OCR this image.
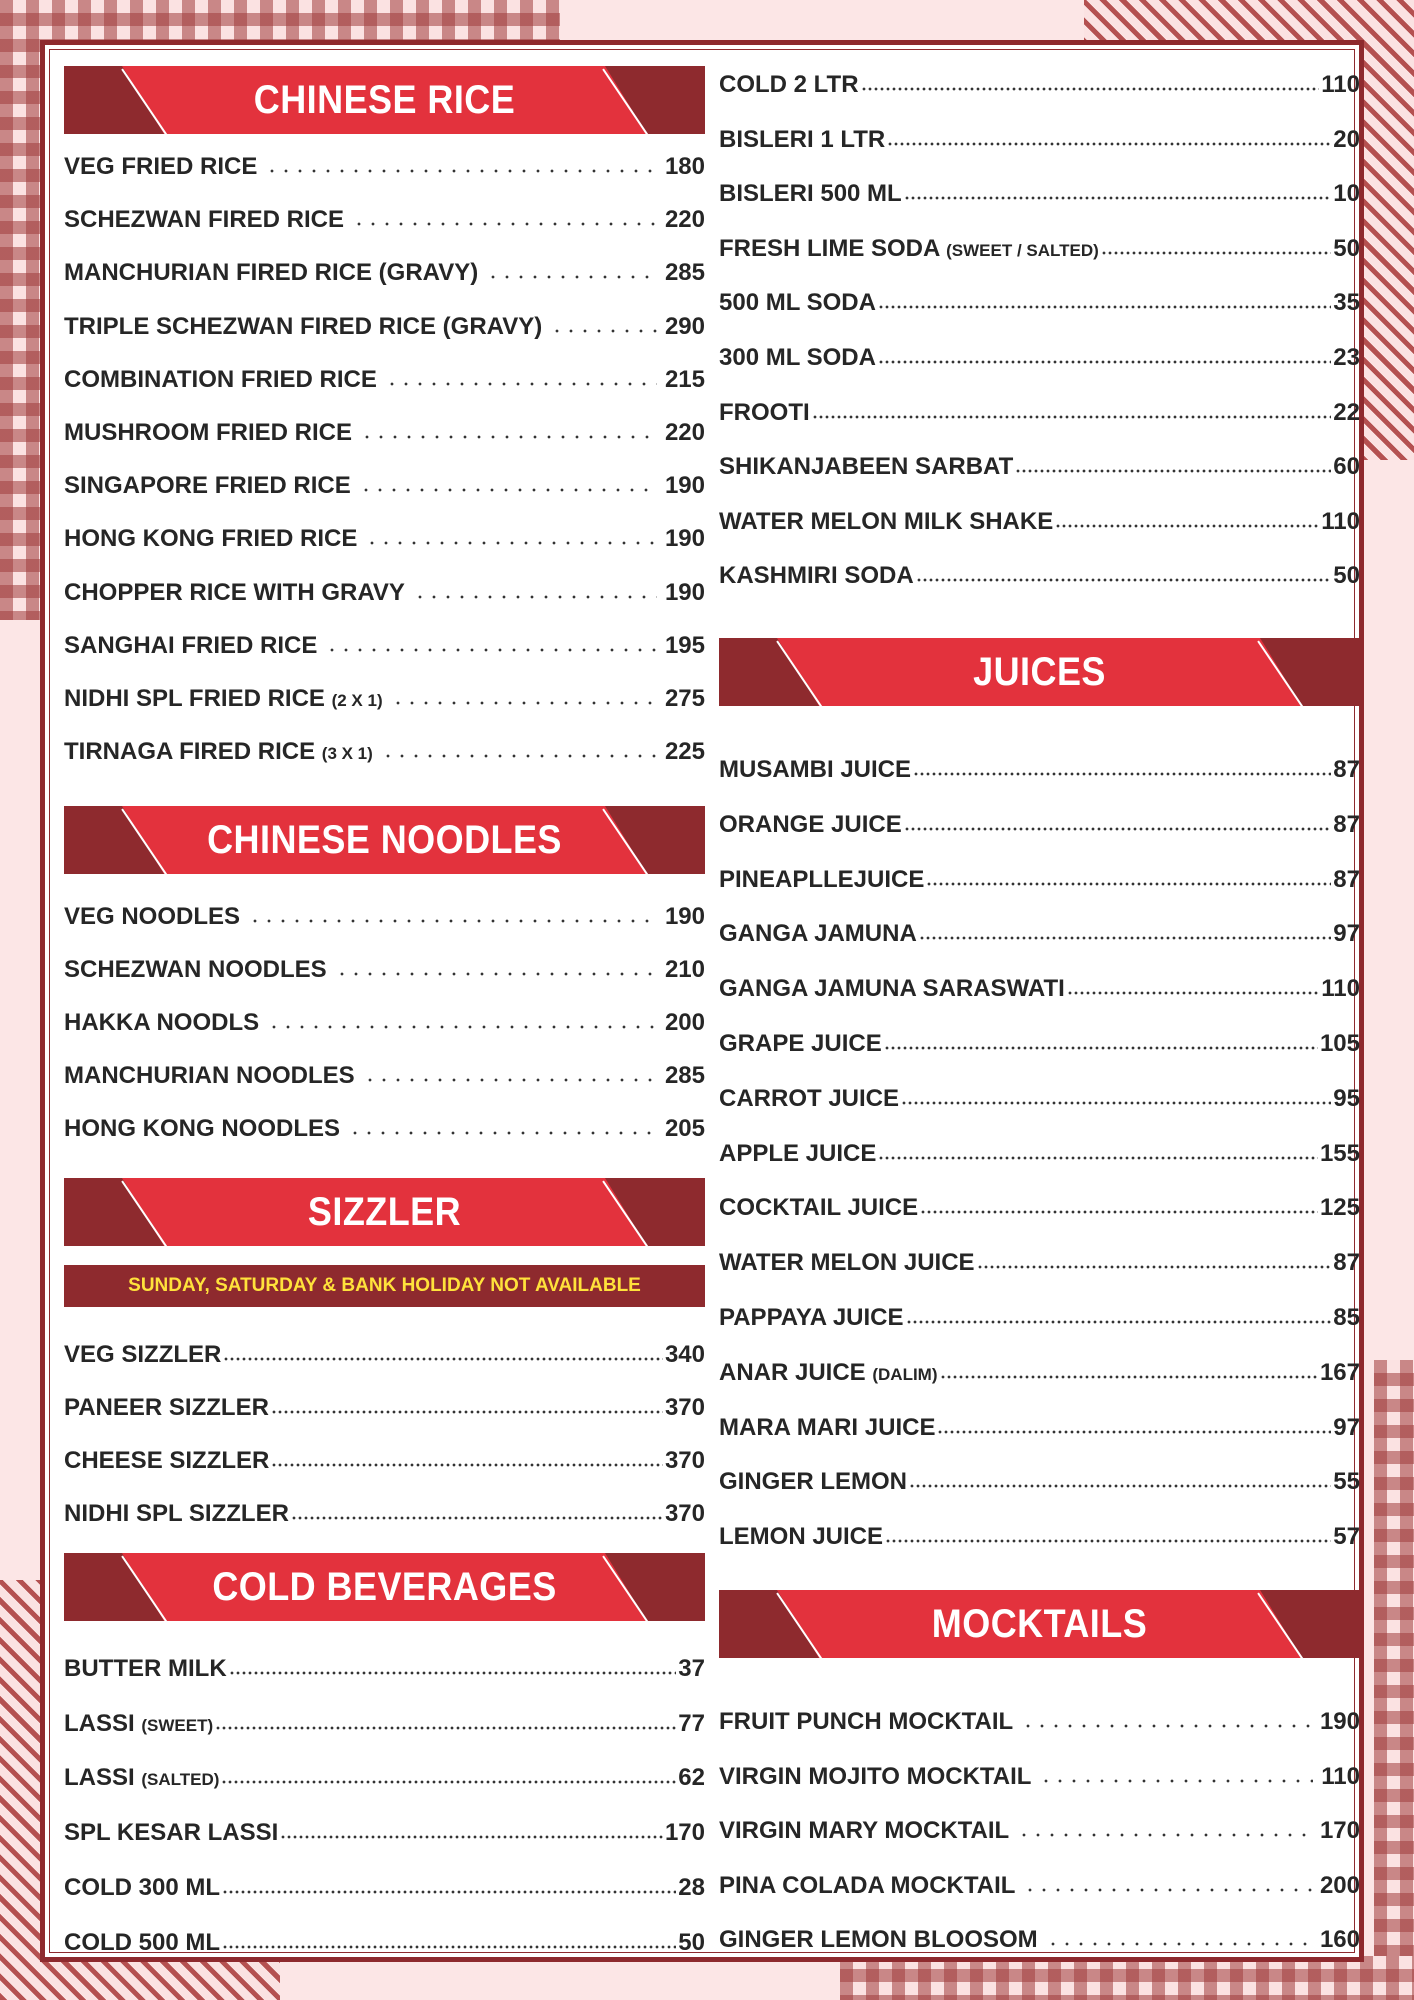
CHINESE RICE
VEG FRIED RICE	180
SCHEZWAN FIRED RICE	220
MANCHURIAN FIRED RICE (GRAVY)	285
TRIPLE SCHEZWAN FIRED RICE (GRAVY)	290
COMBINATION FRIED RICE	215
MUSHROOM FRIED RICE	220
SINGAPORE FRIED RICE	190
HONG KONG FRIED RICE	190
CHOPPER RICE WITH GRAVY	190
SANGHAI FRIED RICE	195
NIDHI SPL FRIED RICE (2 X 1)	275
TIRNAGA FIRED RICE (3 X 1)	225
CHINESE NOODLES
VEG NOODLES	190
SCHEZWAN NOODLES	210
HAKKA NOODLS	200
MANCHURIAN NOODLES	285
HONG KONG NOODLES	205
SIZZLER
SUNDAY, SATURDAY & BANK HOLIDAY NOT AVAILABLE
VEG SIZZLER	340
PANEER SIZZLER	370
CHEESE SIZZLER	370
NIDHI SPL SIZZLER	370
COLD BEVERAGES
BUTTER MILK	37
LASSI (SWEET)	77
LASSI (SALTED)	62
SPL KESAR LASSI	170
COLD 300 ML	28
COLD 500 ML	50
COLD 2 LTR	110
BISLERI 1 LTR	20
BISLERI 500 ML	10
FRESH LIME SODA (SWEET / SALTED)	50
500 ML SODA	35
300 ML SODA	23
FROOTI	22
SHIKANJABEEN SARBAT	60
WATER MELON MILK SHAKE	110
KASHMIRI SODA	50
JUICES
MUSAMBI JUICE	87
ORANGE JUICE	87
PINEAPLLEJUICE	87
GANGA JAMUNA	97
GANGA JAMUNA SARASWATI	110
GRAPE JUICE	105
CARROT JUICE	95
APPLE JUICE	155
COCKTAIL JUICE	125
WATER MELON JUICE	87
PAPPAYA JUICE	85
ANAR JUICE (DALIM)	167
MARA MARI JUICE	97
GINGER LEMON	55
LEMON JUICE	57
MOCKTAILS
FRUIT PUNCH MOCKTAIL	190
VIRGIN MOJITO MOCKTAIL	110
VIRGIN MARY MOCKTAIL	170
PINA COLADA MOCKTAIL	200
GINGER LEMON BLOOSOM	160
